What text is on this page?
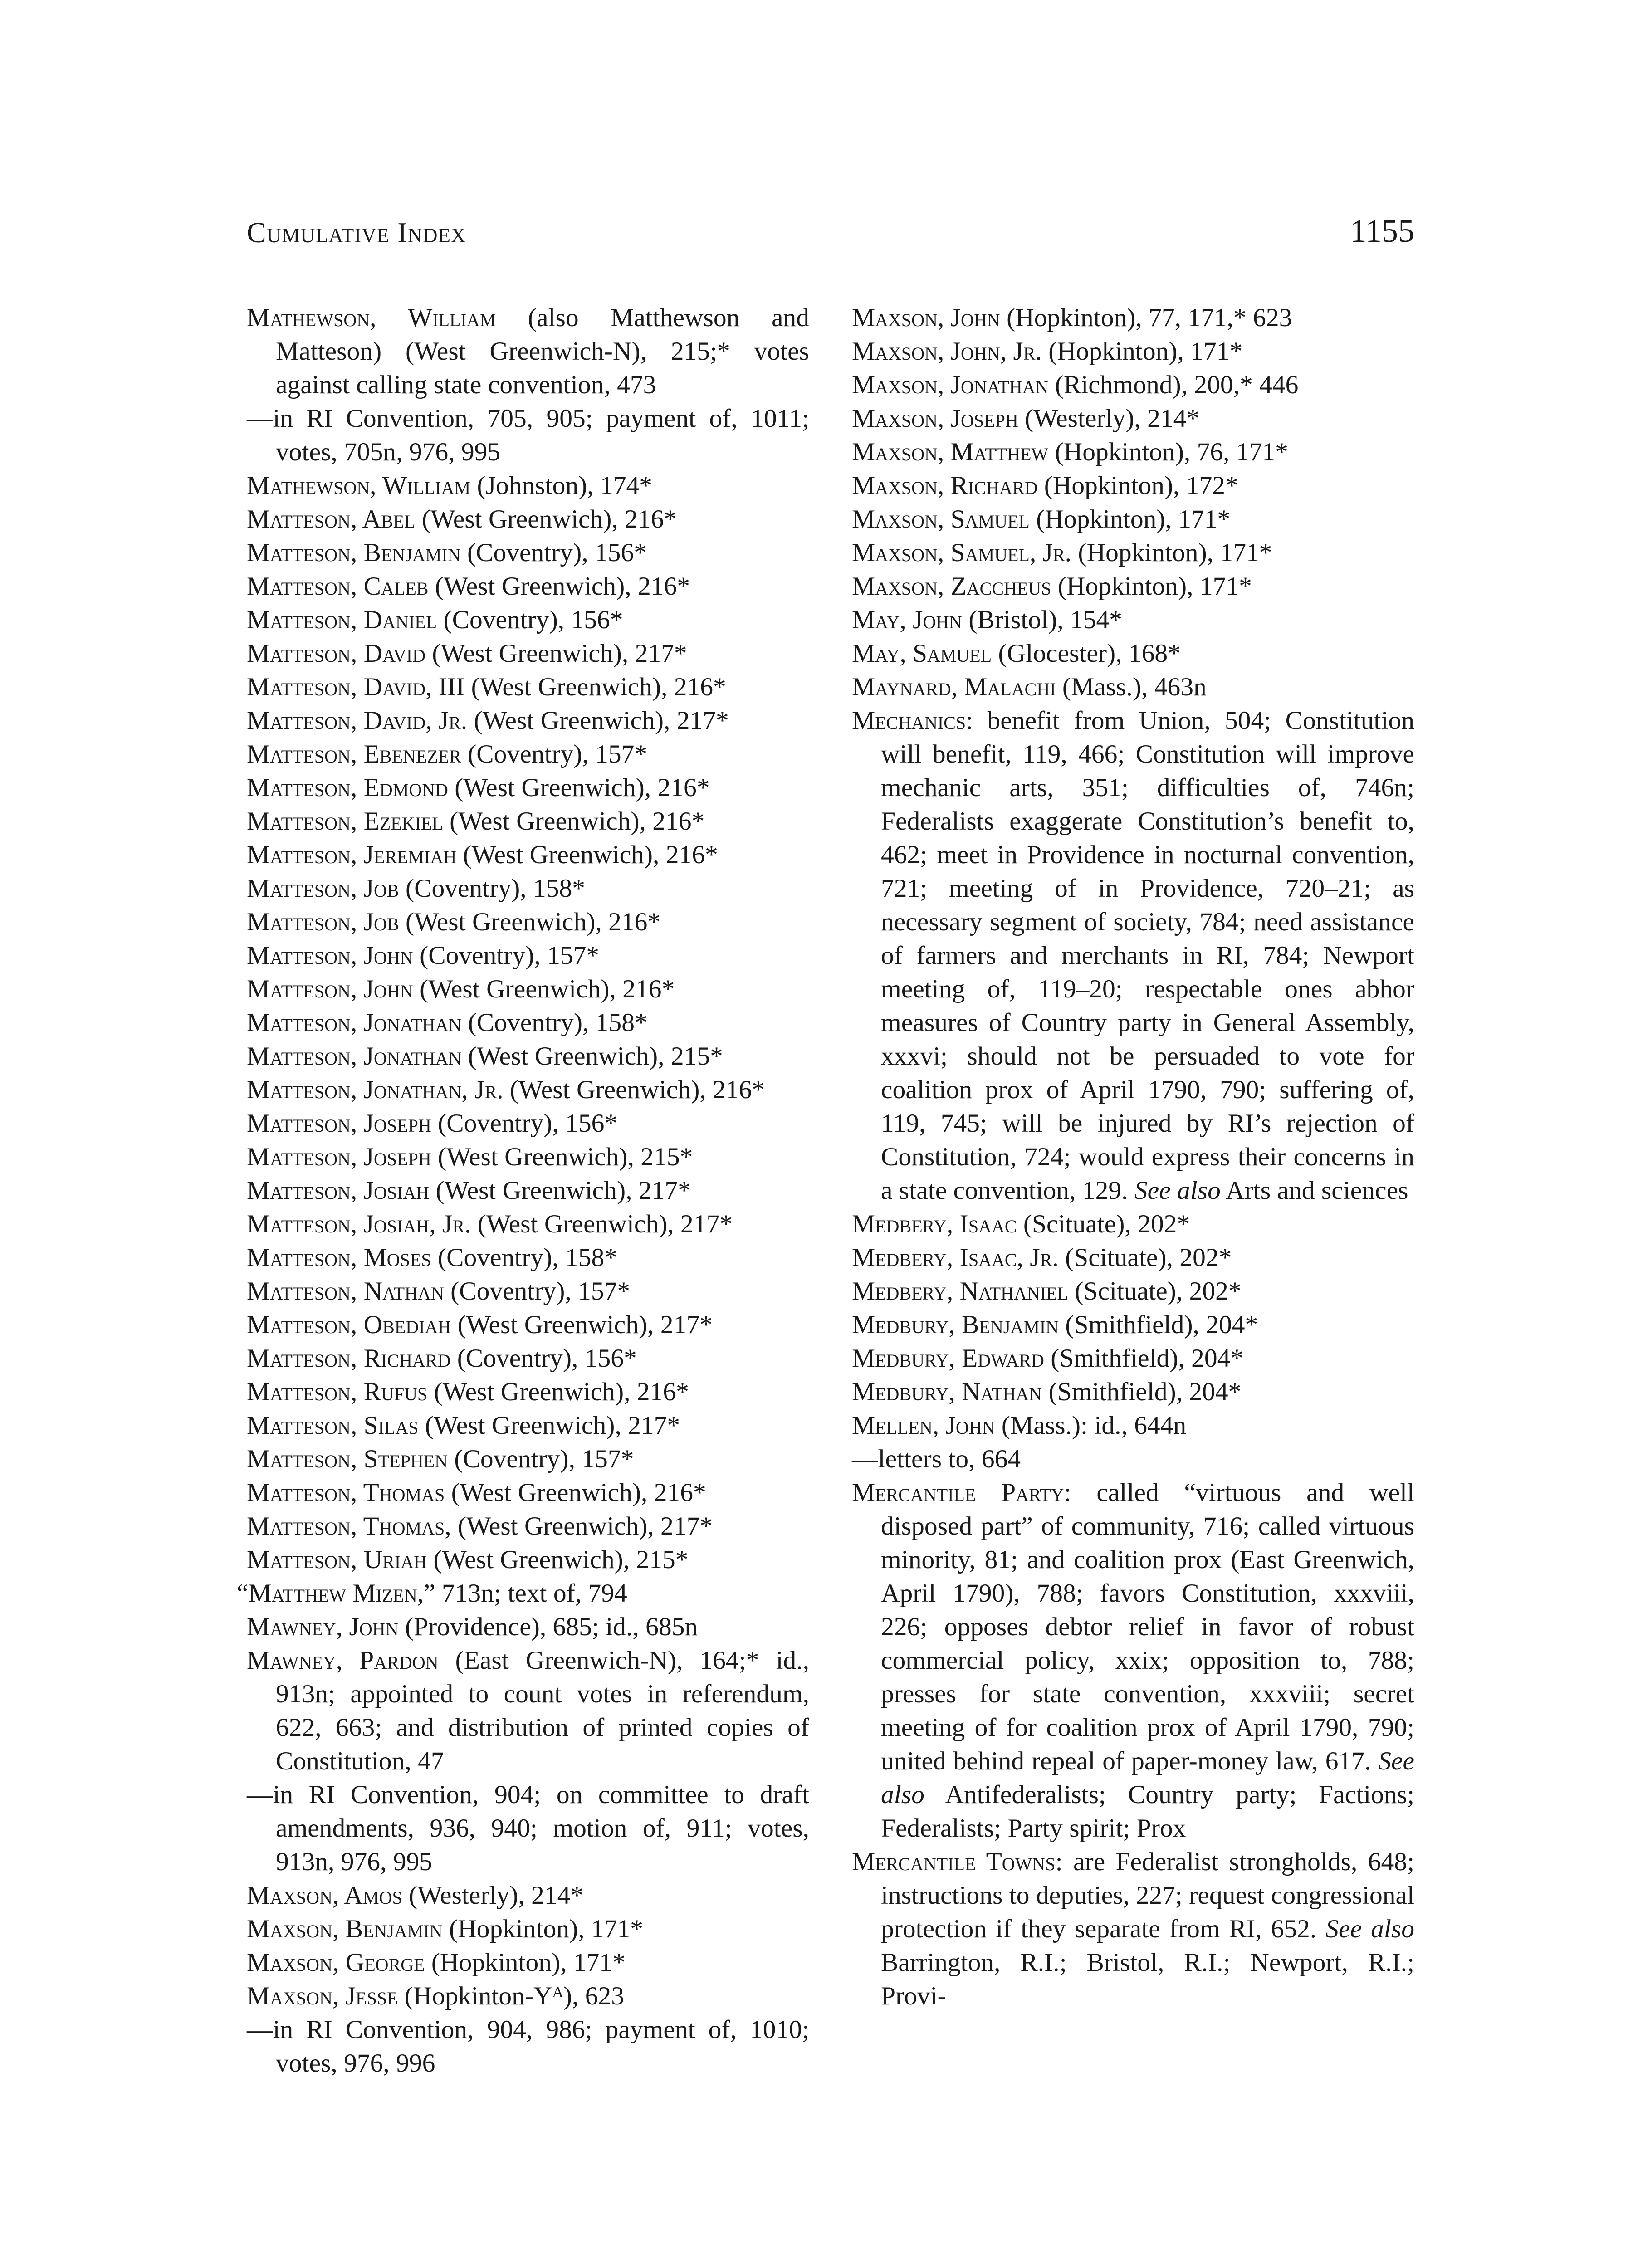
Cumulative Index	1155

Mathewson, William (also Matthewson and Matteson) (West Greenwich-N), 215;* votes against calling state convention, 473

—in RI Convention, 705, 905; payment of, 1011; votes, 705n, 976, 995

Mathewson, William (Johnston), 174*

Matteson, Abel (West Greenwich), 216*

Matteson, Benjamin (Coventry), 156*

Matteson, Caleb (West Greenwich), 216*

Matteson, Daniel (Coventry), 156*

Matteson, David (West Greenwich), 217*

Matteson, David, III (West Greenwich), 216*

Matteson, David, Jr. (West Greenwich), 217*

Matteson, Ebenezer (Coventry), 157*

Matteson, Edmond (West Greenwich), 216*

Matteson, Ezekiel (West Greenwich), 216*

Matteson, Jeremiah (West Greenwich), 216*

Matteson, Job (Coventry), 158*

Matteson, Job (West Greenwich), 216*

Matteson, John (Coventry), 157*

Matteson, John (West Greenwich), 216*

Matteson, Jonathan (Coventry), 158*

Matteson, Jonathan (West Greenwich), 215*

Matteson, Jonathan, Jr. (West Greenwich), 216*

Matteson, Joseph (Coventry), 156*

Matteson, Joseph (West Greenwich), 215*

Matteson, Josiah (West Greenwich), 217*

Matteson, Josiah, Jr. (West Greenwich), 217*

Matteson, Moses (Coventry), 158*

Matteson, Nathan (Coventry), 157*

Matteson, Obediah (West Greenwich), 217*

Matteson, Richard (Coventry), 156*

Matteson, Rufus (West Greenwich), 216*

Matteson, Silas (West Greenwich), 217*

Matteson, Stephen (Coventry), 157*

Matteson, Thomas (West Greenwich), 216*

Matteson, Thomas, (West Greenwich), 217*

Matteson, Uriah (West Greenwich), 215*

“Matthew Mizen,” 713n; text of, 794

Mawney, John (Providence), 685; id., 685n

Mawney, Pardon (East Greenwich-N), 164;* id., 913n; appointed to count votes in referendum, 622, 663; and distribution of printed copies of Constitution, 47

—in RI Convention, 904; on committee to draft amendments, 936, 940; motion of, 911; votes, 913n, 976, 995

Maxson, Amos (Westerly), 214*

Maxson, Benjamin (Hopkinton), 171*

Maxson, George (Hopkinton), 171*

Maxson, Jesse (Hopkinton-Yᴬ), 623

—in RI Convention, 904, 986; payment of, 1010; votes, 976, 996

Maxson, John (Hopkinton), 77, 171,* 623

Maxson, John, Jr. (Hopkinton), 171*

Maxson, Jonathan (Richmond), 200,* 446

Maxson, Joseph (Westerly), 214*

Maxson, Matthew (Hopkinton), 76, 171*

Maxson, Richard (Hopkinton), 172*

Maxson, Samuel (Hopkinton), 171*

Maxson, Samuel, Jr. (Hopkinton), 171*

Maxson, Zaccheus (Hopkinton), 171*

May, John (Bristol), 154*

May, Samuel (Glocester), 168*

Maynard, Malachi (Mass.), 463n

Mechanics: benefit from Union, 504; Constitution will benefit, 119, 466; Constitution will improve mechanic arts, 351; difficulties of, 746n; Federalists exaggerate Constitution’s benefit to, 462; meet in Providence in nocturnal convention, 721; meeting of in Providence, 720–21; as necessary segment of society, 784; need assistance of farmers and merchants in RI, 784; Newport meeting of, 119–20; respectable ones abhor measures of Country party in General Assembly, xxxvi; should not be persuaded to vote for coalition prox of April 1790, 790; suffering of, 119, 745; will be injured by RI’s rejection of Constitution, 724; would express their concerns in a state convention, 129. See also Arts and sciences

Medbery, Isaac (Scituate), 202*

Medbery, Isaac, Jr. (Scituate), 202*

Medbery, Nathaniel (Scituate), 202*

Medbury, Benjamin (Smithfield), 204*

Medbury, Edward (Smithfield), 204*

Medbury, Nathan (Smithfield), 204*

Mellen, John (Mass.): id., 644n

—letters to, 664

Mercantile Party: called “virtuous and well disposed part” of community, 716; called virtuous minority, 81; and coalition prox (East Greenwich, April 1790), 788; favors Constitution, xxxviii, 226; opposes debtor relief in favor of robust commercial policy, xxix; opposition to, 788; presses for state convention, xxxviii; secret meeting of for coalition prox of April 1790, 790; united behind repeal of paper-money law, 617. See also Antifederalists; Country party; Factions; Federalists; Party spirit; Prox

Mercantile Towns: are Federalist strongholds, 648; instructions to deputies, 227; request congressional protection if they separate from RI, 652. See also Barrington, R.I.; Bristol, R.I.; Newport, R.I.; Provi-
